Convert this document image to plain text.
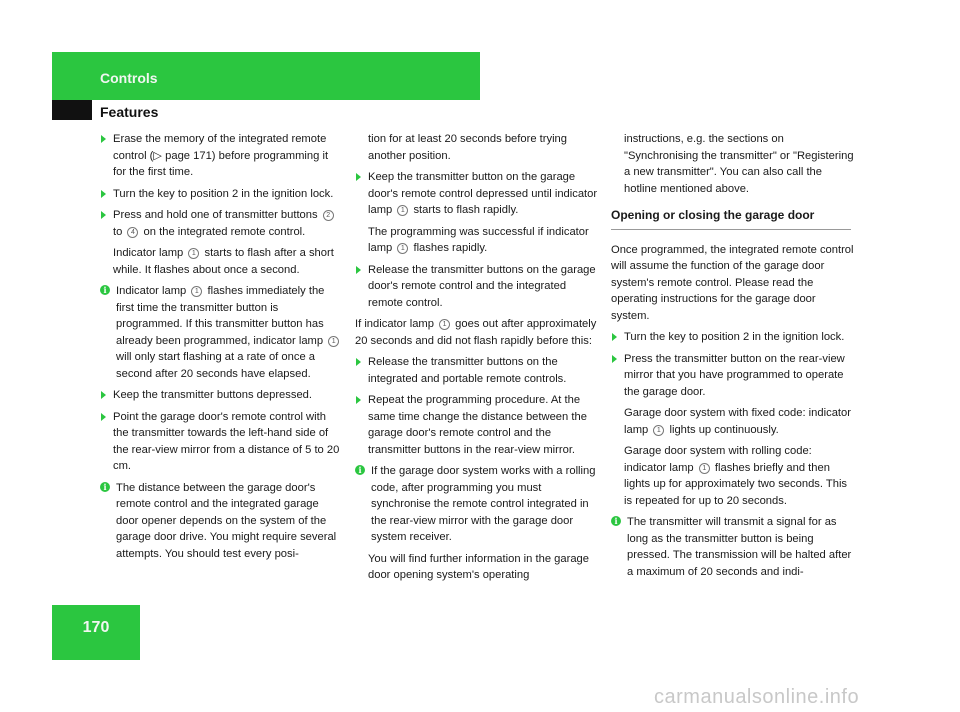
Controls
Features

Erase the memory of the integrated remote control (▷ page 171) before programming it for the first time.

Turn the key to position 2 in the ignition lock.

Press and hold one of transmitter buttons 2 to 4 on the integrated remote control.

Indicator lamp 1 starts to flash after a short while. It flashes about once a second.

i Indicator lamp 1 flashes immediately the first time the transmitter button is programmed. If this transmitter button has already been programmed, indicator lamp 1 will only start flashing at a rate of once a second after 20 seconds have elapsed.

Keep the transmitter buttons depressed.

Point the garage door's remote control with the transmitter towards the left-hand side of the rear-view mirror from a distance of 5 to 20 cm.

i The distance between the garage door's remote control and the integrated garage door opener depends on the system of the garage door drive. You might require several attempts. You should test every posi-

tion for at least 20 seconds before trying another position.

Keep the transmitter button on the garage door's remote control depressed until indicator lamp 1 starts to flash rapidly.

The programming was successful if indicator lamp 1 flashes rapidly.

Release the transmitter buttons on the garage door's remote control and the integrated remote control.

If indicator lamp 1 goes out after approximately 20 seconds and did not flash rapidly before this:

Release the transmitter buttons on the integrated and portable remote controls.

Repeat the programming procedure. At the same time change the distance between the garage door's remote control and the transmitter buttons in the rear-view mirror.

i If the garage door system works with a rolling code, after programming you must synchronise the remote control integrated in the rear-view mirror with the garage door system receiver.

You will find further information in the garage door opening system's operating

instructions, e.g. the sections on "Synchronising the transmitter" or "Registering a new transmitter". You can also call the hotline mentioned above.

Opening or closing the garage door

Once programmed, the integrated remote control will assume the function of the garage door system's remote control. Please read the operating instructions for the garage door system.

Turn the key to position 2 in the ignition lock.

Press the transmitter button on the rear-view mirror that you have programmed to operate the garage door.

Garage door system with fixed code: indicator lamp 1 lights up continuously.

Garage door system with rolling code: indicator lamp 1 flashes briefly and then lights up for approximately two seconds. This is repeated for up to 20 seconds.

i The transmitter will transmit a signal for as long as the transmitter button is being pressed. The transmission will be halted after a maximum of 20 seconds and indi-

170
carmanualsonline.info
